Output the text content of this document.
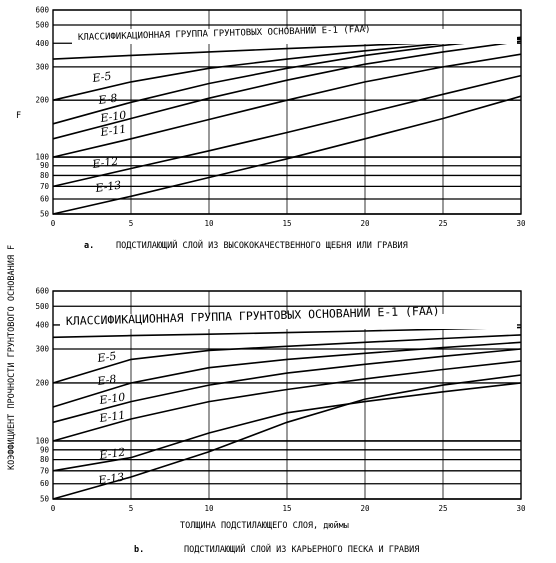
КОЭФФИЦИЕНТ ПРОЧНОСТИ ГРУНТОВОГО ОСНОВАНИЯ F
F
50
60
70
80
90
100
200
300
400
500
600
0	5	10	15	20	25	30
E-5
E-8
E-10
E-11
E-12
E-13
КЛАССИФИКАЦИОННАЯ ГРУППА ГРУНТОВЫХ ОСНОВАНИЙ E-1 (FAA)
a.	ПОДСТИЛАЮЩИЙ СЛОЙ ИЗ ВЫСОКОКАЧЕСТВЕННОГО ЩЕБНЯ ИЛИ ГРАВИЯ
50
60
70
80
90
100
200
300
400
500
600
0	5	10	15	20	25	30
E-5
E-8
E-10
E-11
E-12
E-13
КЛАССИФИКАЦИОННАЯ ГРУППА ГРУНТОВЫХ ОСНОВАНИЙ E-1 (FAA)
b.	ПОДСТИЛАЮЩИЙ СЛОЙ ИЗ КАРЬЕРНОГО ПЕСКА И ГРАВИЯ
ТОЛЩИНА ПОДСТИЛАЮЩЕГО СЛОЯ, дюймы
